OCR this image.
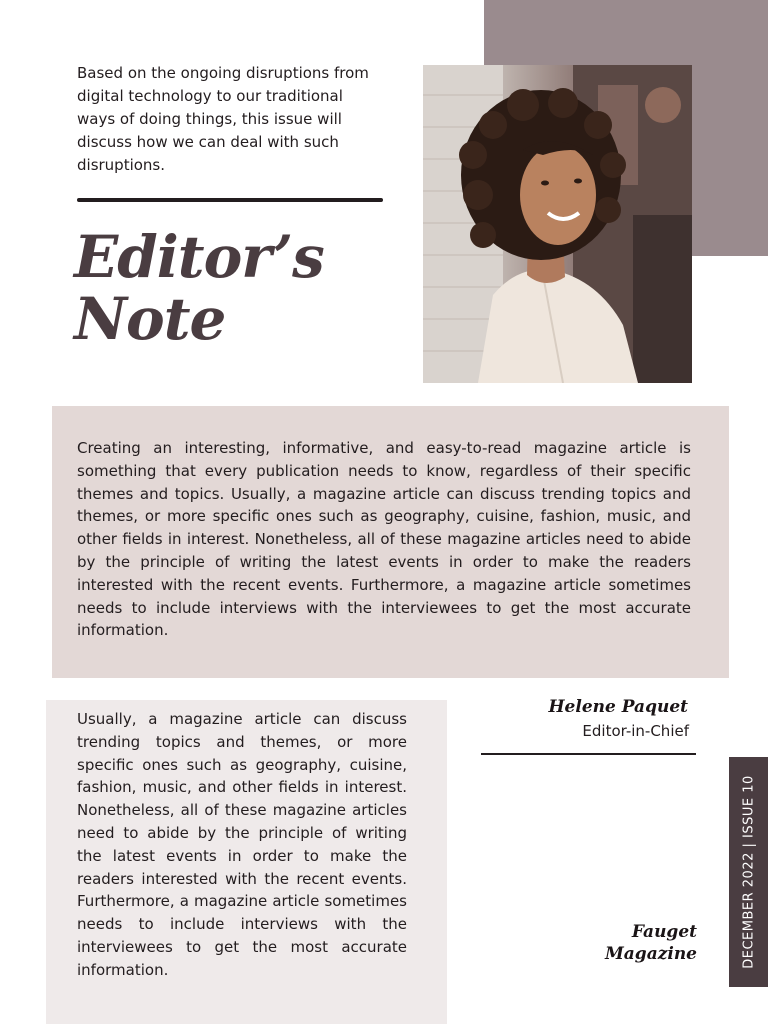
Based on the ongoing disruptions from digital technology to our traditional ways of doing things, this issue will discuss how we can deal with such disruptions.

Editor’s
Note

Creating an interesting, informative, and easy-to-read magazine article is something that every publication needs to know, regardless of their specific themes and topics. Usually, a magazine article can discuss trending topics and themes, or more specific ones such as geography, cuisine, fashion, music, and other fields in interest. Nonetheless, all of these magazine articles need to abide by the principle of writing the latest events in order to make the readers interested with the recent events. Furthermore, a magazine article sometimes needs to include interviews with the interviewees to get the most accurate information.

Usually, a magazine article can discuss trending topics and themes, or more specific ones such as geography, cuisine, fashion, music, and other fields in interest. Nonetheless, all of these magazine articles need to abide by the principle of writing the latest events in order to make the readers interested with the recent events. Furthermore, a magazine article sometimes needs to include interviews with the interviewees to get the most accurate information.

Helene Paquet
Editor-in-Chief
Fauget
Magazine	DECEMBER 2022 | ISSUE 10
